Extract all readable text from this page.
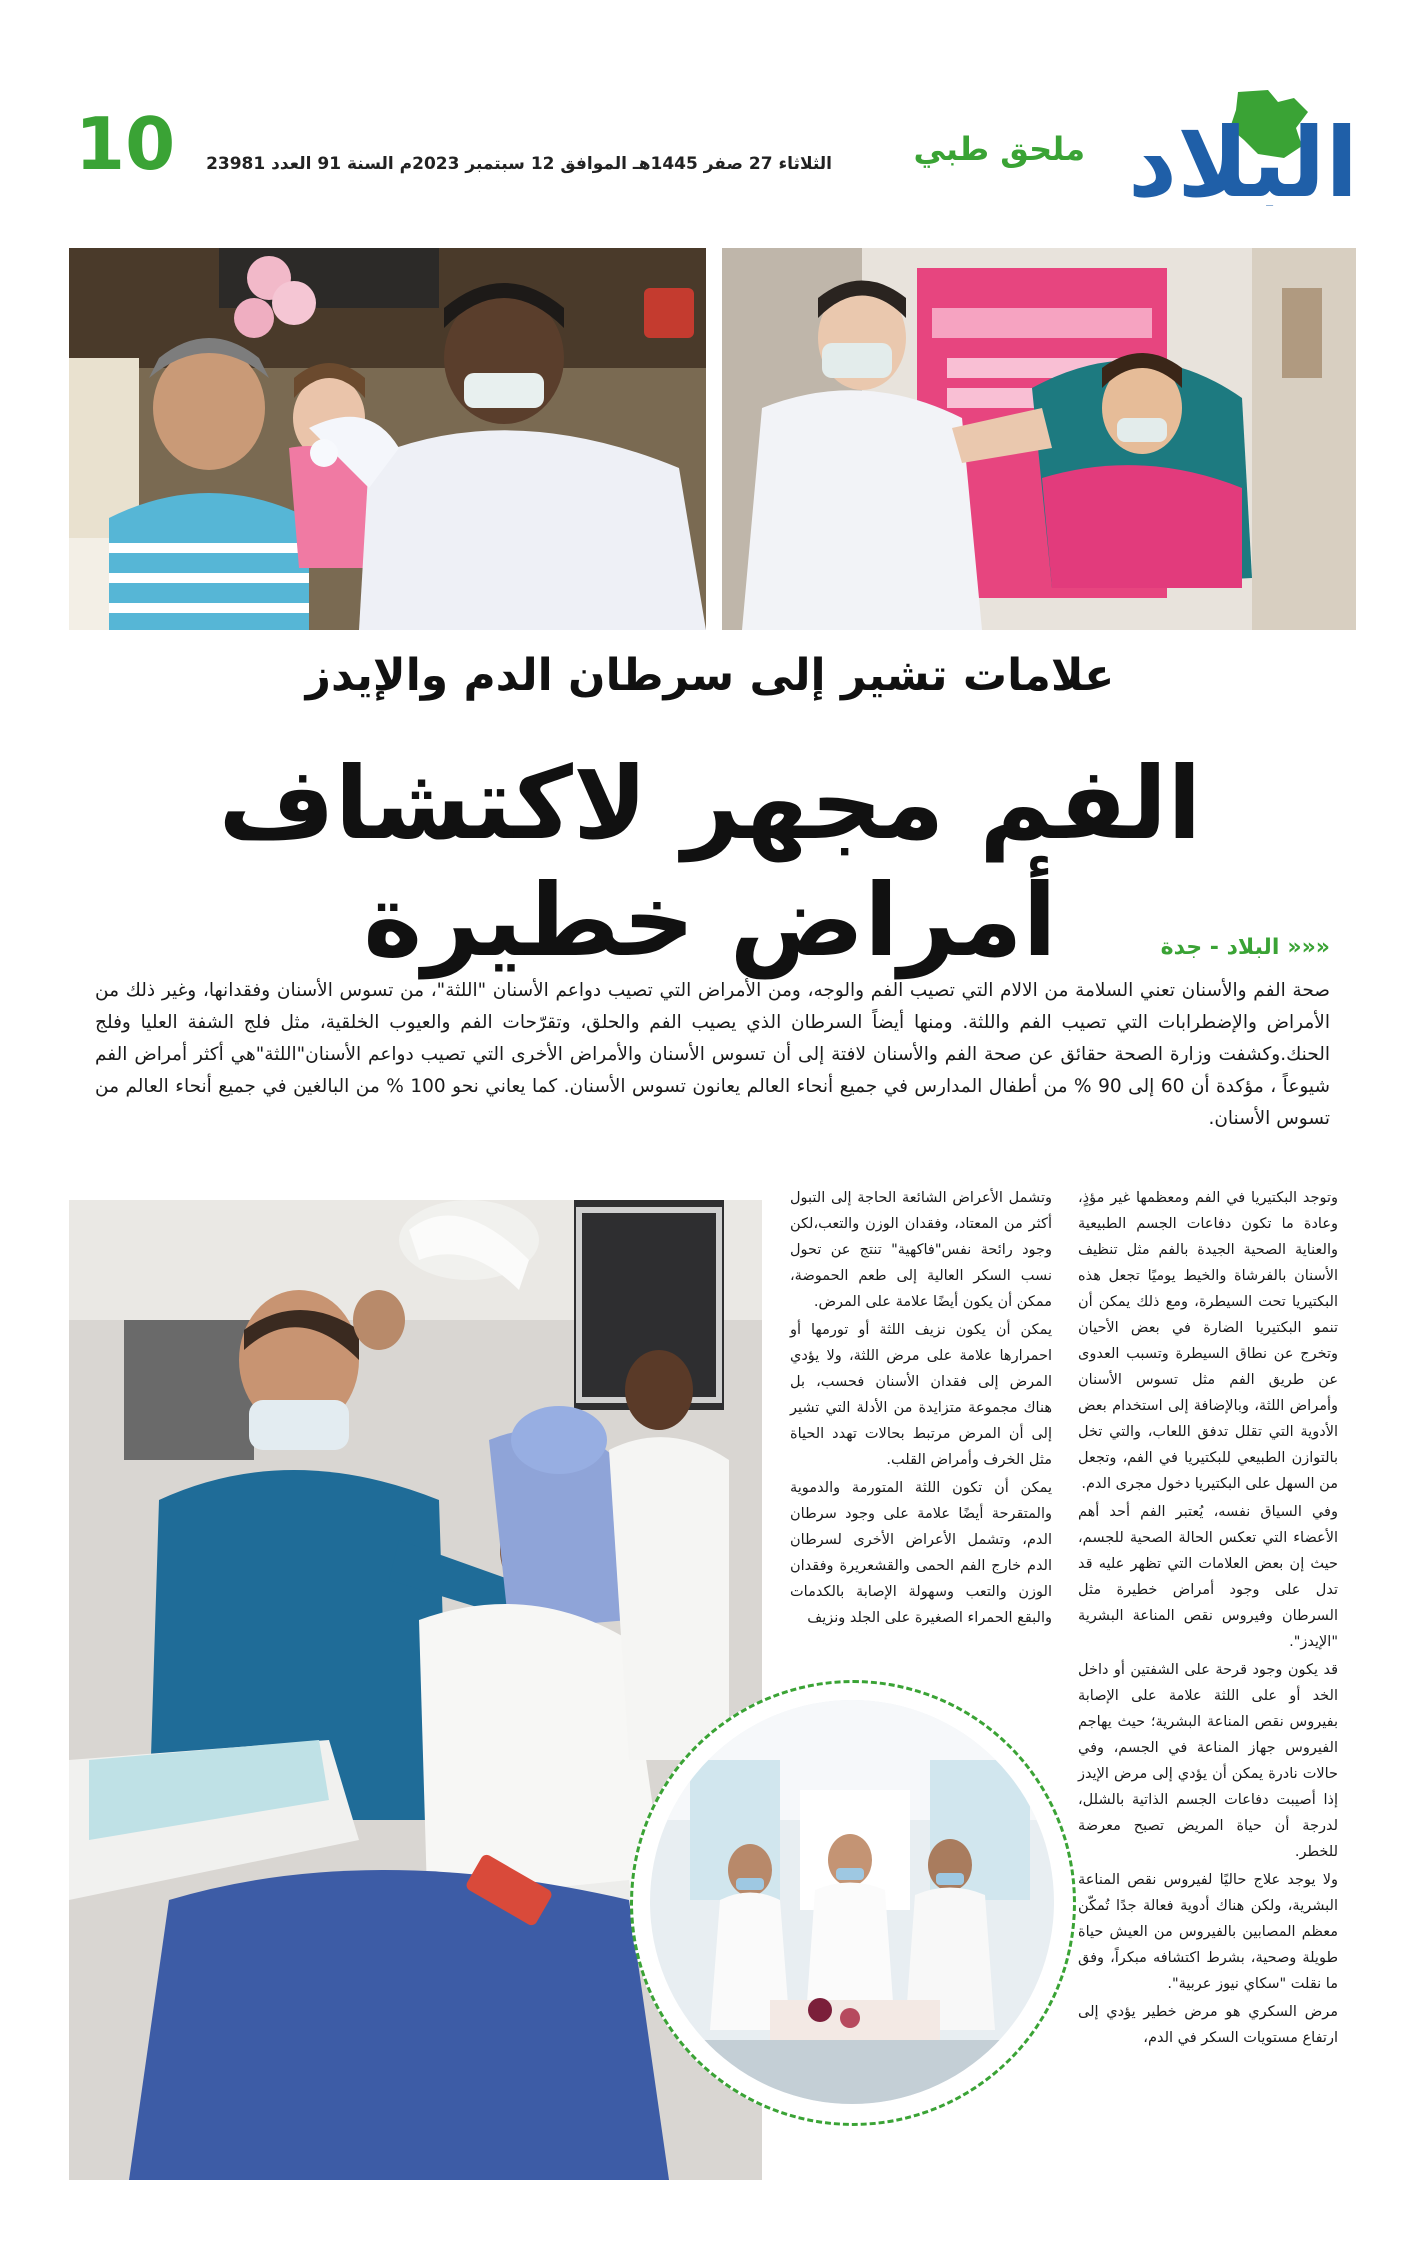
10 الثلاثاء 27 صفر 1445هـ الموافق 12 سبتمبر 2023م السنة 91 العدد 23981	ملحق طبي البلاد
علامات تشير إلى سرطان الدم والإيدز
الفم مجهر لاكتشاف أمراض خطيرة	«««البلاد - جدة
صحة الفم والأسنان تعني السلامة من الالام التي تصيب الفم والوجه، ومن الأمراض التي تصيب دواعم الأسنان "اللثة"، من تسوس الأسنان وفقدانها، وغير ذلك من الأمراض والإضطرابات التي تصيب الفم واللثة. ومنها أيضاً السرطان الذي يصيب الفم والحلق، وتقرّحات الفم والعيوب الخلقية، مثل فلج الشفة العليا وفلج الحنك.وكشفت وزارة الصحة حقائق عن صحة الفم والأسنان لافتة إلى أن تسوس الأسنان والأمراض الأخرى التي تصيب دواعم الأسنان"اللثة"هي أكثر أمراض الفم شيوعاً ، مؤكدة أن 60 إلى 90 % من أطفال المدارس في جميع أنحاء العالم يعانون تسوس الأسنان. كما يعاني نحو 100 % من البالغين في جميع أنحاء العالم من تسوس الأسنان.

وتوجد البكتيريا في الفم ومعظمها غير مؤذٍ، وعادة ما تكون دفاعات الجسم الطبيعية والعناية الصحية الجيدة بالفم مثل تنظيف الأسنان بالفرشاة والخيط يوميًا تجعل هذه البكتيريا تحت السيطرة، ومع ذلك يمكن أن تنمو البكتيريا الضارة في بعض الأحيان وتخرج عن نطاق السيطرة وتسبب العدوى عن طريق الفم مثل تسوس الأسنان وأمراض اللثة، وبالإضافة إلى استخدام بعض الأدوية التي تقلل تدفق اللعاب، والتي تخل بالتوازن الطبيعي للبكتيريا في الفم، وتجعل من السهل على البكتيريا دخول مجرى الدم.

وفي السياق نفسه، يُعتبر الفم أحد أهم الأعضاء التي تعكس الحالة الصحية للجسم، حيث إن بعض العلامات التي تظهر عليه قد تدل على وجود أمراض خطيرة مثل السرطان وفيروس نقص المناعة البشرية "الإيدز".

قد يكون وجود قرحة على الشفتين أو داخل الخد أو على اللثة علامة على الإصابة بفيروس نقص المناعة البشرية؛ حيث يهاجم الفيروس جهاز المناعة في الجسم، وفي حالات نادرة يمكن أن يؤدي إلى مرض الإيدز إذا أصيبت دفاعات الجسم الذاتية بالشلل، لدرجة أن حياة المريض تصبح معرضة للخطر.

ولا يوجد علاج حاليًا لفيروس نقص المناعة البشرية، ولكن هناك أدوية فعالة جدًا تُمكّن معظم المصابين بالفيروس من العيش حياة طويلة وصحية، بشرط اكتشافه مبكراً، وفق ما نقلت "سكاي نيوز عربية".

مرض السكري هو مرض خطير يؤدي إلى ارتفاع مستويات السكر في الدم،

وتشمل الأعراض الشائعة الحاجة إلى التبول أكثر من المعتاد، وفقدان الوزن والتعب،لكن وجود رائحة نفس"فاكهية" تنتج عن تحول نسب السكر العالية إلى طعم الحموضة، ممكن أن يكون أيضًا علامة على المرض.

يمكن أن يكون نزيف اللثة أو تورمها أو احمرارها علامة على مرض اللثة، ولا يؤدي المرض إلى فقدان الأسنان فحسب، بل هناك مجموعة متزايدة من الأدلة التي تشير إلى أن المرض مرتبط بحالات تهدد الحياة مثل الخرف وأمراض القلب.

يمكن أن تكون اللثة المتورمة والدموية والمتقرحة أيضًا علامة على وجود سرطان الدم، وتشمل الأعراض الأخرى لسرطان الدم خارج الفم الحمى والقشعريرة وفقدان الوزن والتعب وسهولة الإصابة بالكدمات والبقع الحمراء الصغيرة على الجلد ونزيف
